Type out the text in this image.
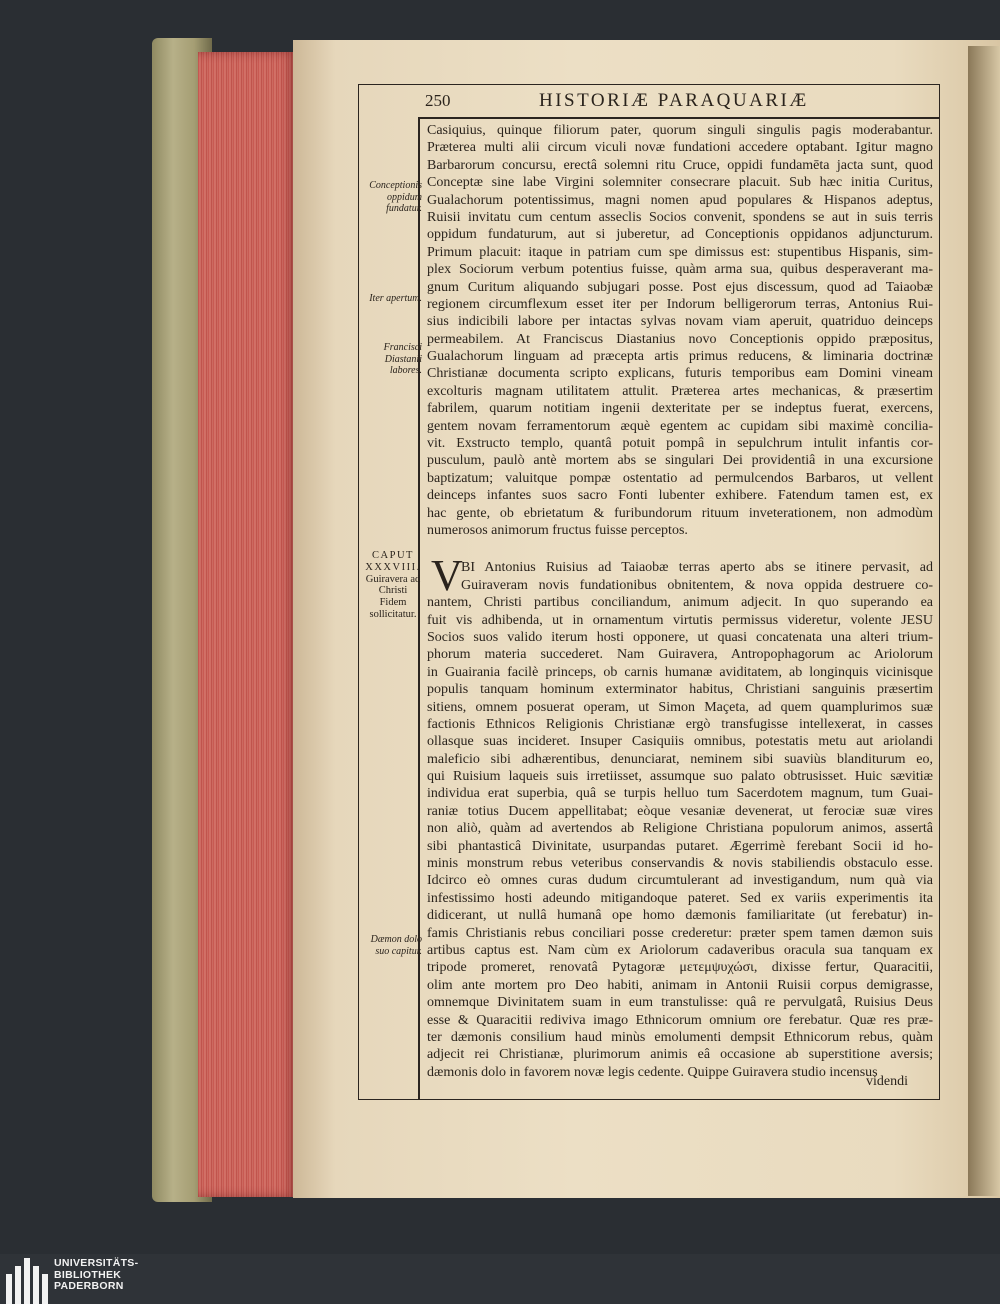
250	HISTORIÆ PARAQUARIÆ
Conceptionis oppidum fundatur.
Iter apertum.
Francisci Diastanii labores.
Dæmon dolo suo capitur.
CAPUT XXXVIII.
Guiravera ad Christi Fidem sollicitatur.
V
Casiquius, quinque filiorum pater, quorum singuli singulis pagis moderabantur.
Præterea multi alii circum viculi novæ fundationi accedere optabant. Igitur magno
Barbarorum concursu, erectâ solemni ritu Cruce, oppidi fundamēta jacta sunt, quod
Conceptæ sine labe Virgini solemniter consecrare placuit. Sub hæc initia Curitus,
Gualachorum potentissimus, magni nomen apud populares & Hispanos adeptus,
Ruisii invitatu cum centum asseclis Socios convenit, spondens se aut in suis terris
oppidum fundaturum, aut si juberetur, ad Conceptionis oppidanos adjuncturum.
Primum placuit: itaque in patriam cum spe dimissus est: stupentibus Hispanis, sim-
plex Sociorum verbum potentius fuisse, quàm arma sua, quibus desperaverant ma-
gnum Curitum aliquando subjugari posse. Post ejus discessum, quod ad Taiaobæ
regionem circumflexum esset iter per Indorum belligerorum terras, Antonius Rui-
sius indicibili labore per intactas sylvas novam viam aperuit, quatriduo deinceps
permeabilem. At Franciscus Diastanius novo Conceptionis oppido præpositus,
Gualachorum linguam ad præcepta artis primus reducens, & liminaria doctrinæ
Christianæ documenta scripto explicans, futuris temporibus eam Domini vineam
excolturis magnam utilitatem attulit. Præterea artes mechanicas, & præsertim
fabrilem, quarum notitiam ingenii dexteritate per se indeptus fuerat, exercens,
gentem novam ferramentorum æquè egentem ac cupidam sibi maximè concilia-
vit. Exstructo templo, quantâ potuit pompâ in sepulchrum intulit infantis cor-
pusculum, paulò antè mortem abs se singulari Dei providentiâ in una excursione
baptizatum; valuitque pompæ ostentatio ad permulcendos Barbaros, ut vellent
deinceps infantes suos sacro Fonti lubenter exhibere. Fatendum tamen est, ex
hac gente, ob ebrietatum & furibundorum rituum inveterationem, non admodùm
numerosos animorum fructus fuisse perceptos.
BI Antonius Ruisius ad Taiaobæ terras aperto abs se itinere pervasit, ad
Guiraveram novis fundationibus obnitentem, & nova oppida destruere co-
nantem, Christi partibus conciliandum, animum adjecit. In quo superando ea
fuit vis adhibenda, ut in ornamentum virtutis permissus videretur, volente JESU
Socios suos valido iterum hosti opponere, ut quasi concatenata una alteri trium-
phorum materia succederet. Nam Guiravera, Antropophagorum ac Ariolorum
in Guairania facilè princeps, ob carnis humanæ aviditatem, ab longinquis vicinisque
populis tanquam hominum exterminator habitus, Christiani sanguinis præsertim
sitiens, omnem posuerat operam, ut Simon Maçeta, ad quem quamplurimos suæ
factionis Ethnicos Religionis Christianæ ergò transfugisse intellexerat, in casses
ollasque suas incideret. Insuper Casiquiis omnibus, potestatis metu aut ariolandi
maleficio sibi adhærentibus, denunciarat, neminem sibi suaviùs blanditurum eo,
qui Ruisium laqueis suis irretiisset, assumque suo palato obtrusisset. Huic sævitiæ
individua erat superbia, quâ se turpis helluo tum Sacerdotem magnum, tum Guai-
raniæ totius Ducem appellitabat; eòque vesaniæ devenerat, ut ferociæ suæ vires
non aliò, quàm ad avertendos ab Religione Christiana populorum animos, assertâ
sibi phantasticâ Divinitate, usurpandas putaret. Ægerrimè ferebant Socii id ho-
minis monstrum rebus veteribus conservandis & novis stabiliendis obstaculo esse.
Idcirco eò omnes curas dudum circumtulerant ad investigandum, num quà via
infestissimo hosti adeundo mitigandoque pateret. Sed ex variis experimentis ita
didicerant, ut nullâ humanâ ope homo dæmonis familiaritate (ut ferebatur) in-
famis Christianis rebus conciliari posse crederetur: præter spem tamen dæmon suis
artibus captus est. Nam cùm ex Ariolorum cadaveribus oracula sua tanquam ex
tripode promeret, renovatâ Pytagoræ μετεμψυχώσι, dixisse fertur, Quaracitii,
olim ante mortem pro Deo habiti, animam in Antonii Ruisii corpus demigrasse,
omnemque Divinitatem suam in eum transtulisse: quâ re pervulgatâ, Ruisius Deus
esse & Quaracitii rediviva imago Ethnicorum omnium ore ferebatur. Quæ res præ-
ter dæmonis consilium haud minùs emolumenti dempsit Ethnicorum rebus, quàm
adjecit rei Christianæ, plurimorum animis eâ occasione ab superstitione aversis;
dæmonis dolo in favorem novæ legis cedente. Quippe Guiravera studio incensus
videndi
UNIVERSITÄTS-
BIBLIOTHEK
PADERBORN
